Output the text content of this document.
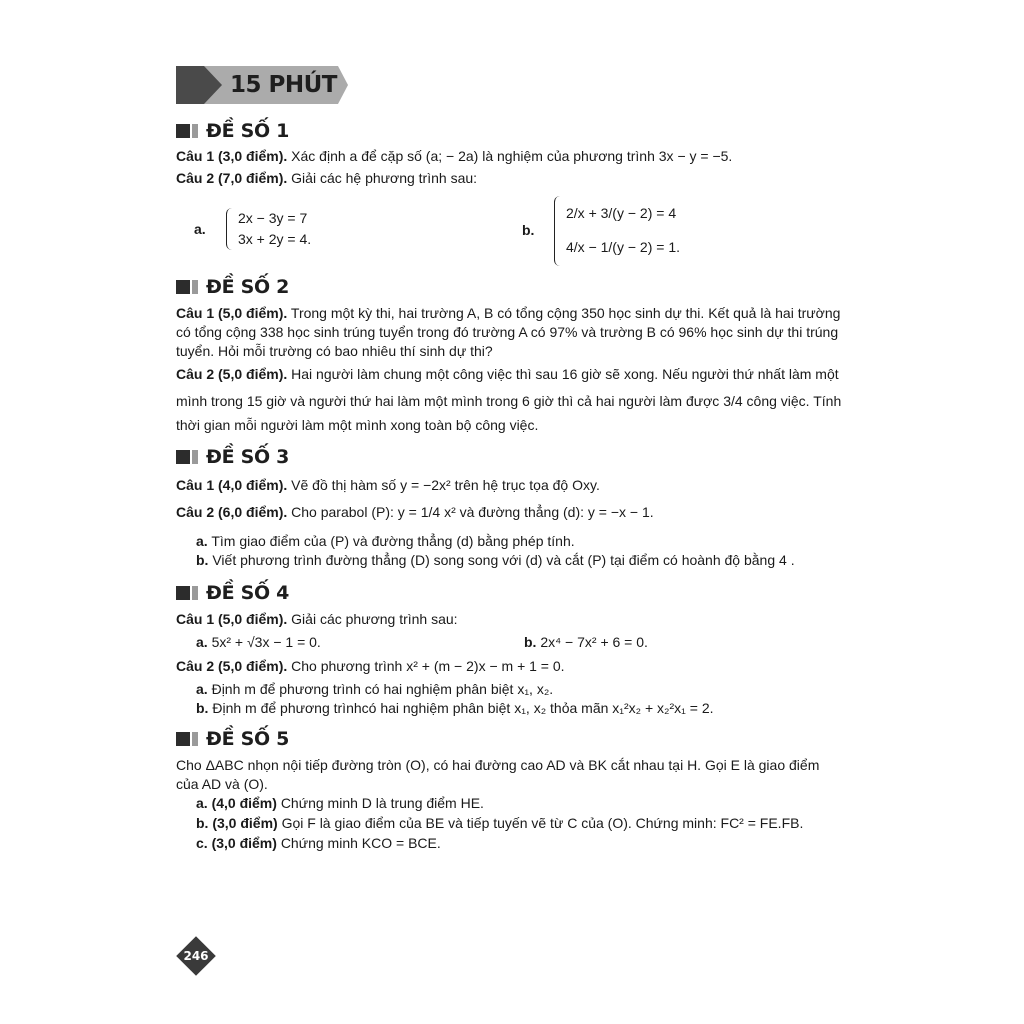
15 PHÚT
ĐỀ SỐ 1
Câu 1 (3,0 điểm). Xác định a để cặp số (a; − 2a) là nghiệm của phương trình 3x − y = −5.
Câu 2 (7,0 điểm). Giải các hệ phương trình sau:
a.
2x − 3y = 7
3x + 2y = 4.
b.
2/x + 3/(y − 2) = 4
4/x − 1/(y − 2) = 1.
ĐỀ SỐ 2
Câu 1 (5,0 điểm). Trong một kỳ thi, hai trường A, B có tổng cộng 350 học sinh dự thi. Kết quả là hai trường
có tổng cộng 338 học sinh trúng tuyển trong đó trường A có 97% và trường B có 96% học sinh dự thi trúng
tuyển. Hỏi mỗi trường có bao nhiêu thí sinh dự thi?
Câu 2 (5,0 điểm). Hai người làm chung một công việc thì sau 16 giờ sẽ xong. Nếu người thứ nhất làm một
mình trong 15 giờ và người thứ hai làm một mình trong 6 giờ thì cả hai người làm được 3/4 công việc. Tính
thời gian mỗi người làm một mình xong toàn bộ công việc.
ĐỀ SỐ 3
Câu 1 (4,0 điểm). Vẽ đồ thị hàm số y = −2x² trên hệ trục tọa độ Oxy.
Câu 2 (6,0 điểm). Cho parabol (P): y = 1/4 x² và đường thẳng (d): y = −x − 1.
a. Tìm giao điểm của (P) và đường thẳng (d) bằng phép tính.
b. Viết phương trình đường thẳng (D) song song với (d) và cắt (P) tại điểm có hoành độ bằng 4 .
ĐỀ SỐ 4
Câu 1 (5,0 điểm). Giải các phương trình sau:
a. 5x² + √3x − 1 = 0.	b. 2x⁴ − 7x² + 6 = 0.
Câu 2 (5,0 điểm). Cho phương trình x² + (m − 2)x − m + 1 = 0.
a. Định m để phương trình có hai nghiệm phân biệt x₁, x₂.
b. Định m để phương trìnhcó hai nghiệm phân biệt x₁, x₂ thỏa mãn x₁²x₂ + x₂²x₁ = 2.
ĐỀ SỐ 5
Cho ΔABC nhọn nội tiếp đường tròn (O), có hai đường cao AD và BK cắt nhau tại H. Gọi E là giao điểm
của AD và (O).
a. (4,0 điểm) Chứng minh D là trung điểm HE.
b. (3,0 điểm) Gọi F là giao điểm của BE và tiếp tuyến vẽ từ C của (O). Chứng minh: FC² = FE.FB.
c. (3,0 điểm) Chứng minh KCO = BCE.
246
